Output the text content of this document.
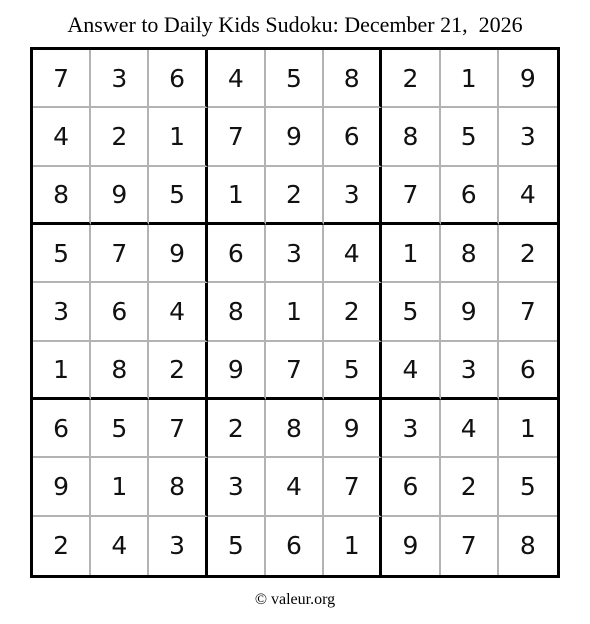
Answer to Daily Kids Sudoku: December 21,  2026
7	3	6	4	5	8	2	1	9
4	2	1	7	9	6	8	5	3
8	9	5	1	2	3	7	6	4
5	7	9	6	3	4	1	8	2
3	6	4	8	1	2	5	9	7
1	8	2	9	7	5	4	3	6
6	5	7	2	8	9	3	4	1
9	1	8	3	4	7	6	2	5
2	4	3	5	6	1	9	7	8
© valeur.org
